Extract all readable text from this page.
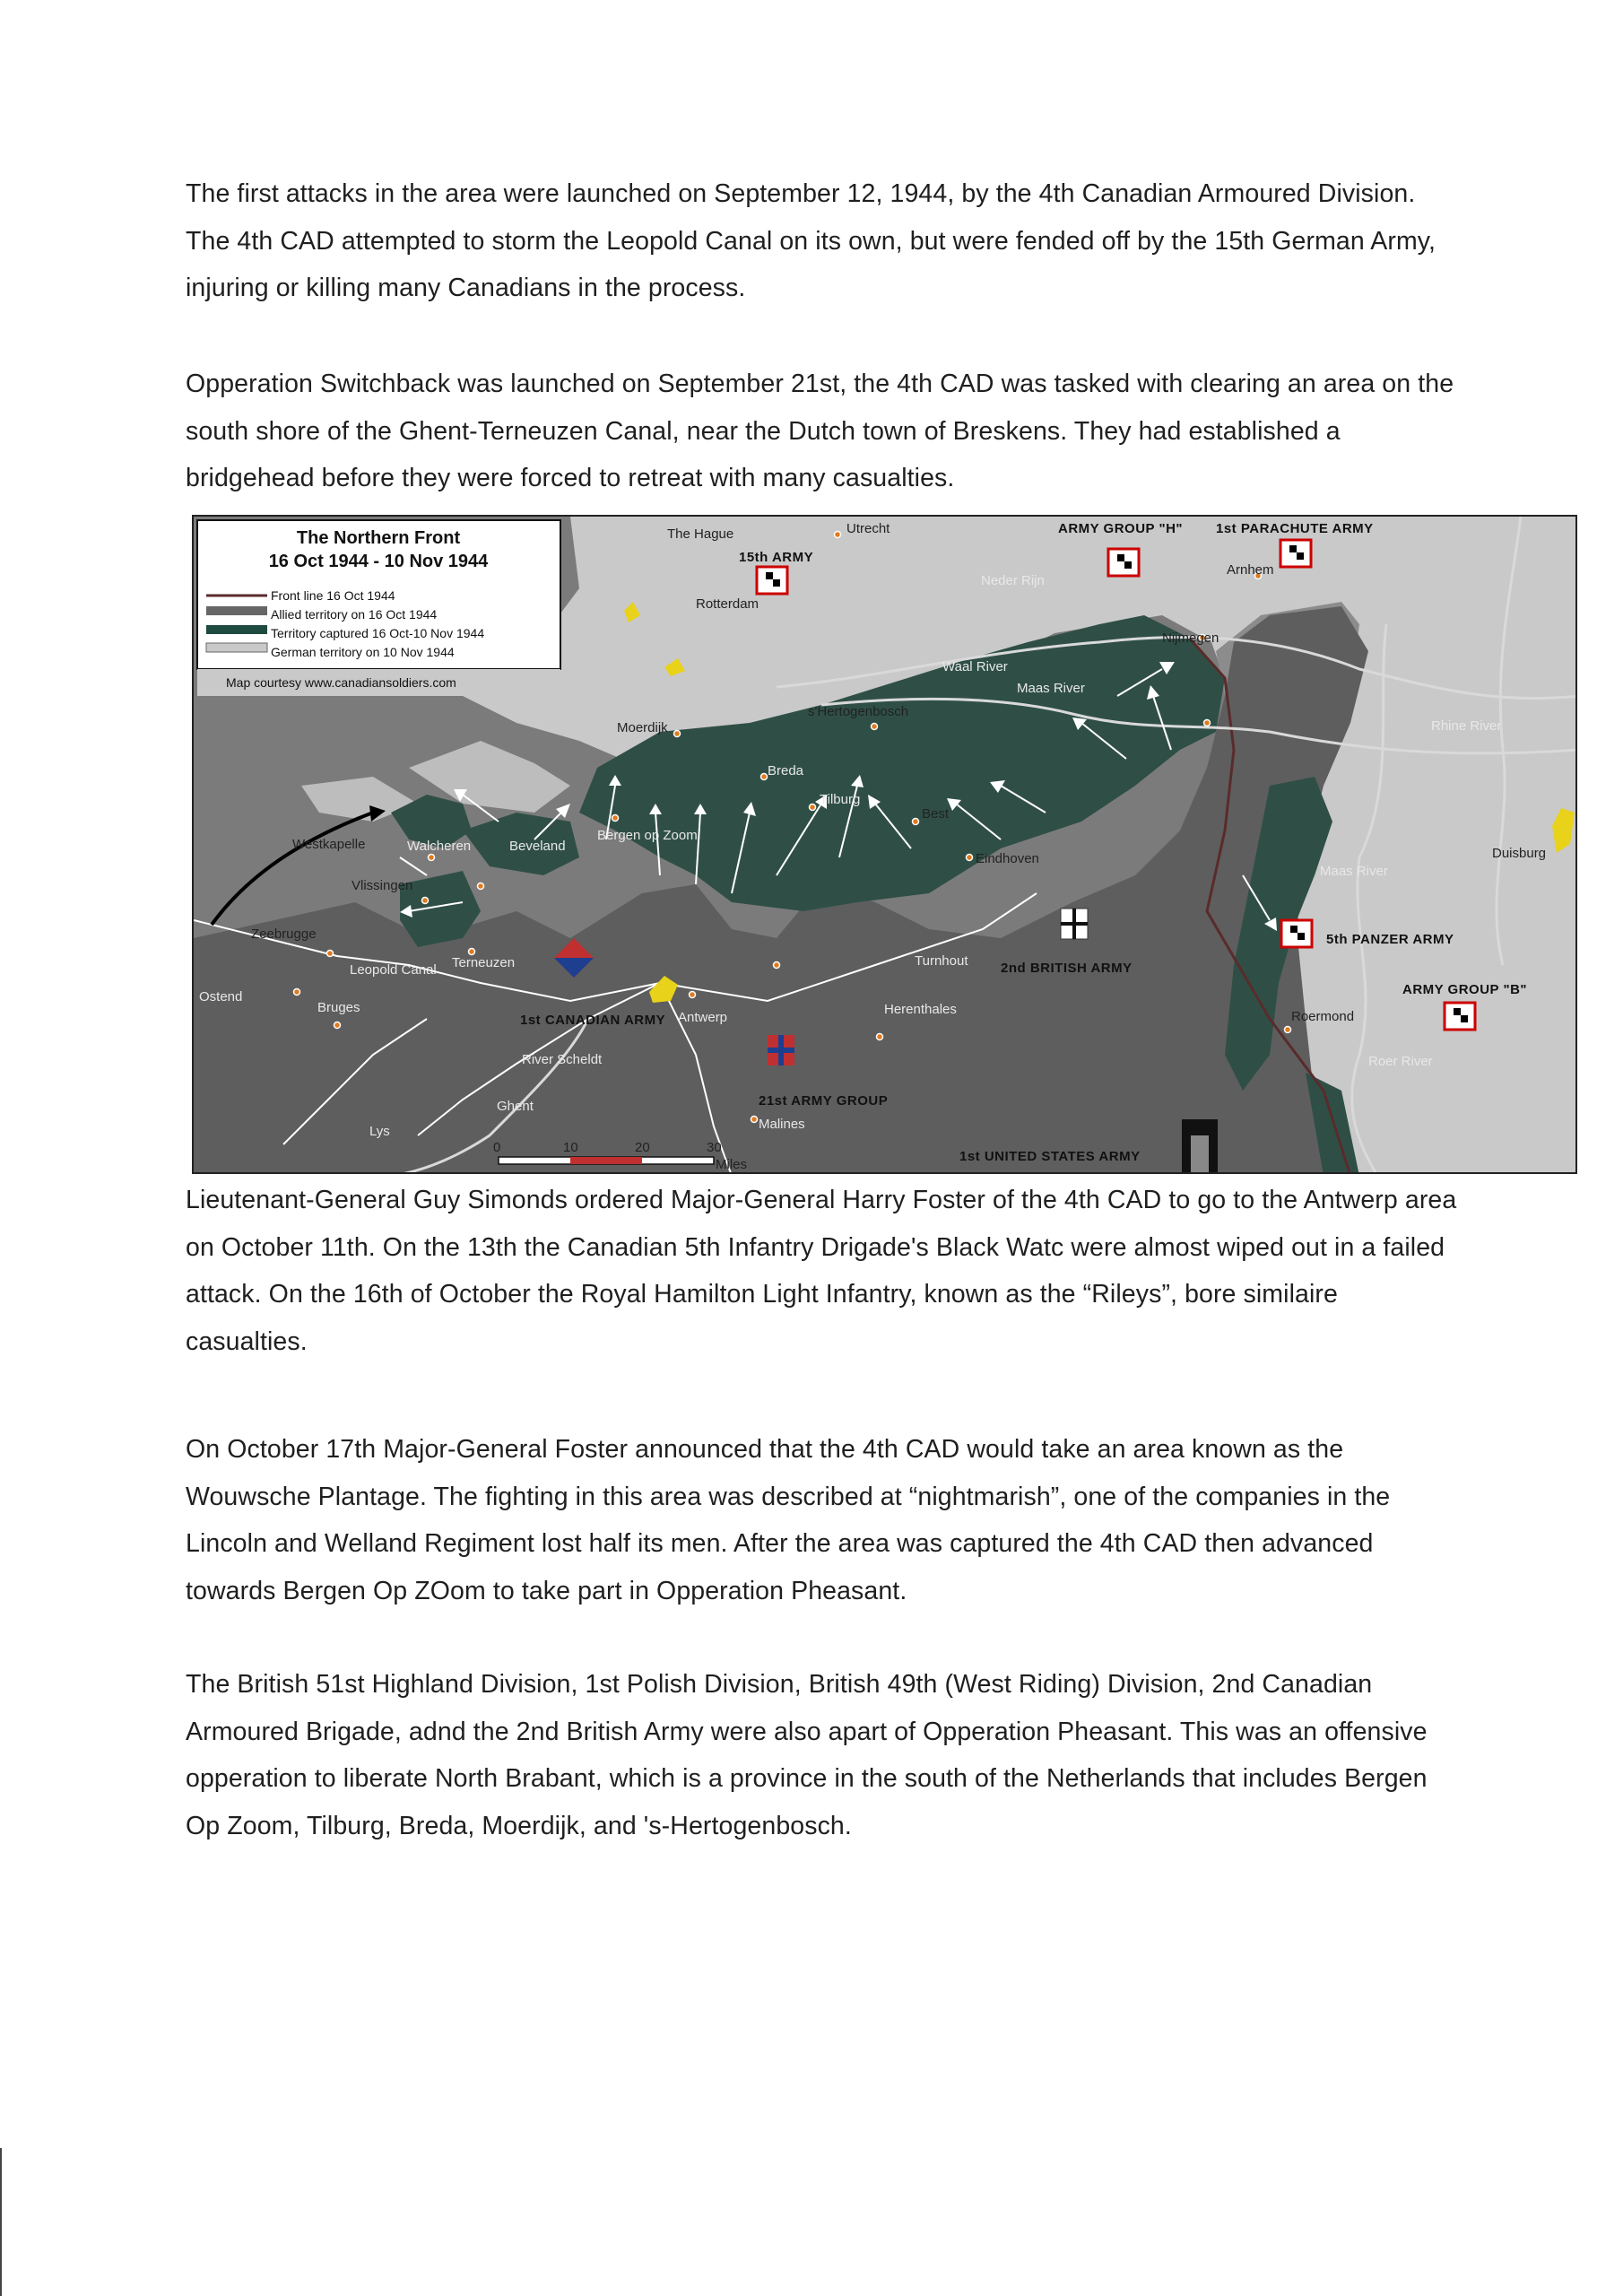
The first attacks in the area were launched on September 12, 1944, by the 4th Canadian Armoured Division. The 4th CAD attempted to storm the Leopold Canal on its own, but were fended off by the 15th German Army, injuring or killing many Canadians in the process.

Opperation Switchback was launched on September 21st, the 4th CAD was tasked with clearing an area on the south shore of the Ghent-Terneuzen Canal, near the Dutch town of Breskens. They had established a bridgehead before they were forced to retreat with many casualties.

0	10	20	30
Miles
The Northern Front
16 Oct 1944 - 10 Nov 1944
Front line 16 Oct 1944
Allied territory on 16 Oct 1944
Territory captured 16 Oct-10 Nov 1944
German territory on 10 Nov 1944
Map courtesy www.canadiansoldiers.com
The Hague
Rotterdam
Utrecht
Arnhem
Nijmegen
Moerdijk
s'Hertogenbosch
Breda
Tilburg
Best
Eindhoven
Westkapelle	Walcheren	Beveland
Vlissingen
Bergen op Zoom
Zeebrugge
Ostend
Bruges
Terneuzen
Antwerp
Turnhout
Herenthales
Ghent
Malines
Roermond
Duisburg
Neder Rijn
Waal River
Maas River
Maas River
Rhine River
Leopold Canal
River Scheldt
Lys
Roer River
ARMY GROUP "H" 1st PARACHUTE ARMY
15th ARMY
5th PANZER ARMY
ARMY GROUP "B"
2nd BRITISH ARMY
1st CANADIAN ARMY
21st ARMY GROUP
1st UNITED STATES ARMY

Lieutenant-General Guy Simonds ordered Major-General Harry Foster of the 4th CAD to go to the Antwerp area on October 11th. On the 13th the Canadian 5th Infantry Drigade's Black Watc were almost wiped out in a failed attack. On the 16th of October the Royal Hamilton Light Infantry, known as the “Rileys”, bore similaire casualties.

On October 17th Major-General Foster announced that the 4th CAD would take an area known as the Wouwsche Plantage. The fighting in this area was described at “nightmarish”, one of the companies in the Lincoln and Welland Regiment lost half its men. After the area was captured the 4th CAD then advanced towards Bergen Op ZOom to take part in Opperation Pheasant.

The British 51st Highland Division, 1st Polish Division, British 49th (West Riding) Division, 2nd Canadian Armoured Brigade, adnd the 2nd British Army were also apart of Opperation Pheasant. This was an offensive opperation to liberate North Brabant, which is a province in the south of the Netherlands that includes Bergen Op Zoom, Tilburg, Breda, Moerdijk, and 's-Hertogenbosch.
